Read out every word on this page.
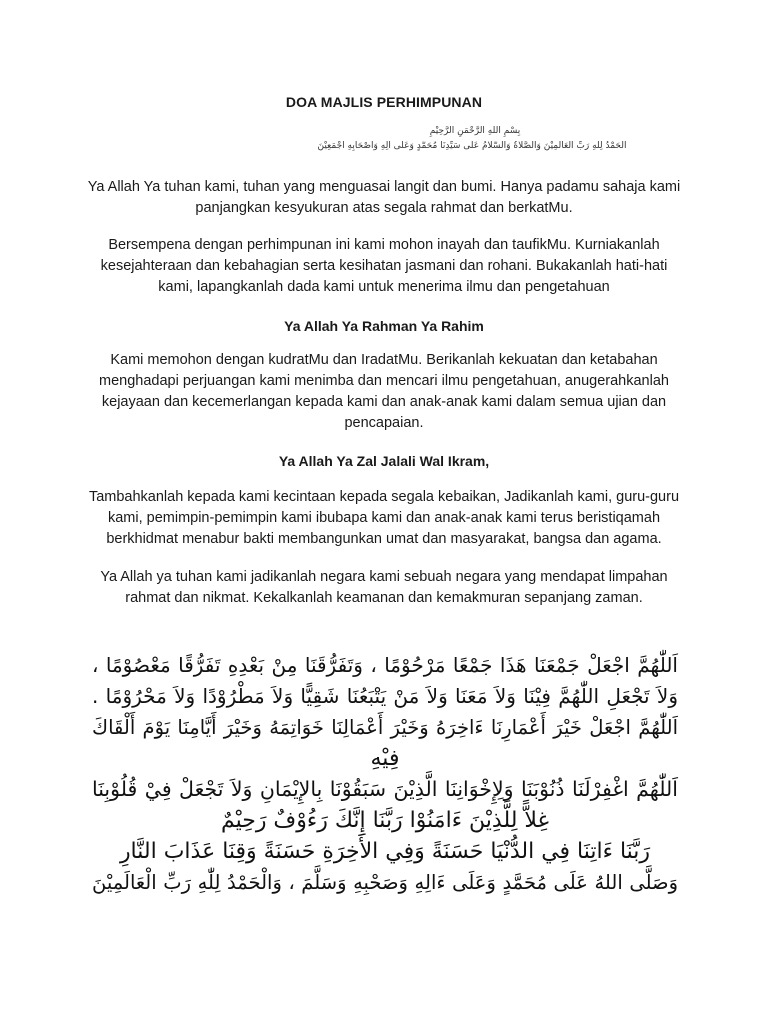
DOA MAJLIS PERHIMPUNAN
بِسْمِ اللهِ الرَّحْمَنِ الرَّحِيْمِ
اَلْحَمْدُ لِلّٰهِ رَبِّ الْعَالَمِيْنَ وَالصَّلَاةُ وَالسَّلَامُ عَلَى سَيِّدِنَا مُحَمَّدٍ وَعَلَى آلِهِ وَأَصْحَابِهِ أَجْمَعِيْنَ
Ya Allah Ya tuhan kami, tuhan yang menguasai langit dan bumi. Hanya padamu sahaja kami panjangkan kesyukuran atas segala rahmat dan berkatMu.
Bersempena dengan perhimpunan ini kami mohon inayah dan taufikMu. Kurniakanlah kesejahteraan dan kebahagian serta kesihatan jasmani dan rohani. Bukakanlah hati-hati kami, lapangkanlah dada kami untuk menerima ilmu dan pengetahuan
Ya Allah Ya Rahman Ya Rahim
Kami memohon dengan kudratMu dan IradatMu. Berikanlah kekuatan dan ketabahan menghadapi perjuangan kami menimba dan mencari ilmu pengetahuan, anugerahkanlah kejayaan dan kecemerlangan kepada kami dan anak-anak kami dalam semua ujian dan pencapaian.
Ya Allah Ya Zal Jalali Wal Ikram,
Tambahkanlah kepada kami kecintaan kepada segala kebaikan, Jadikanlah kami, guru-guru kami, pemimpin-pemimpin kami ibubapa kami dan anak-anak kami terus beristiqamah berkhidmat menabur bakti membangunkan umat dan masyarakat, bangsa dan agama.
Ya Allah ya tuhan kami jadikanlah negara kami sebuah negara yang mendapat limpahan rahmat dan nikmat. Kekalkanlah keamanan dan kemakmuran sepanjang zaman.
اَللّٰهُمَّ اجْعَلْ جَمْعَنَا هَذَا جَمْعًا مَرْحُوْمًا ، وَتَفَرُّقَنَا مِنْ بَعْدِهِ تَفَرُّقًا مَعْصُوْمًا ،
وَلاَ تَجْعَلِ اللّٰهُمَّ فِيْنَا وَلاَ مَعَنَا وَلاَ مَنْ يَتْبَعُنَا شَقِيًّا وَلاَ مَطْرُوْدًا وَلاَ مَحْرُوْمًا .
اَللّٰهُمَّ اجْعَلْ خَيْرَ أَعْمَارِنَا ءَاخِرَهُ وَخَيْرَ أَعْمَالِنَا خَوَاتِمَهُ وَخَيْرَ أَيَّامِنَا يَوْمَ أَلْقَاكَ
فِيْهِ
اَللّٰهُمَّ اغْفِرْلَنَا ذُنُوْبَنَا وَلِإِخْوَانِنَا الَّذِيْنَ سَبَقُوْنَا بِالإِيْمَانِ وَلاَ تَجْعَلْ فِيْ قُلُوْبِنَا
غِلاًّ لِلَّذِيْنَ ءَامَنُوْا رَبَّنَا إِنَّكَ رَءُوْفٌ رَحِيْمٌ
رَبَّنَا ءَاتِنَا فِي الدُّنْيَا حَسَنَةً وَفِي الأَخِرَةِ حَسَنَةً وَقِنَا عَذَابَ النَّارِ
وَصَلَّى اللهُ عَلَى مُحَمَّدٍ وَعَلَى ءَالِهِ وَصَحْبِهِ وَسَلَّمَ ، وَالْحَمْدُ لِلّٰهِ رَبِّ الْعَالَمِيْنَ
